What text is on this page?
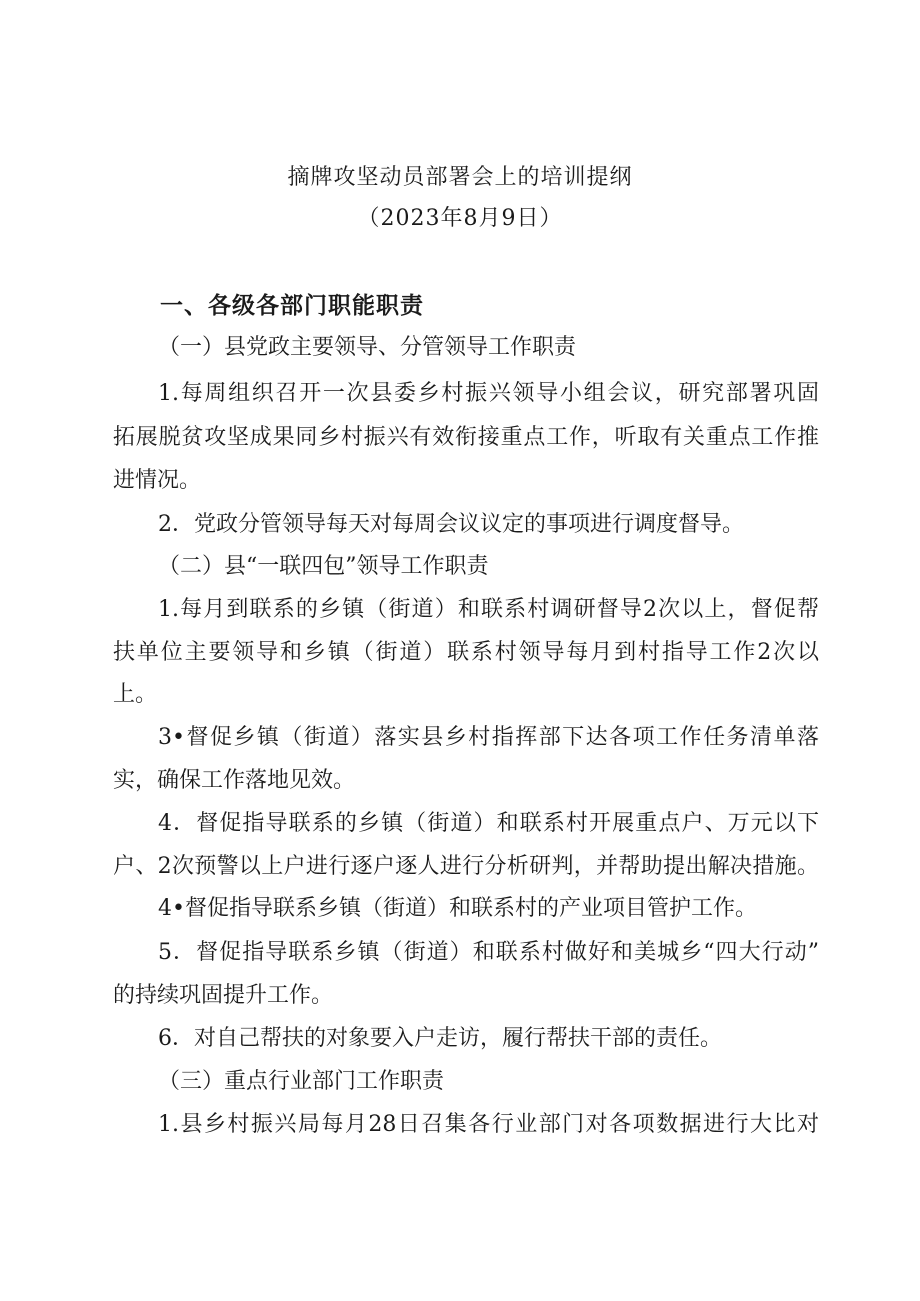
摘牌攻坚动员部署会上的培训提纲
（2023年8月9日）
一、各级各部门职能职责
（一）县党政主要领导、分管领导工作职责
1.每周组织召开一次县委乡村振兴领导小组会议，研究部署巩固
拓展脱贫攻坚成果同乡村振兴有效衔接重点工作，听取有关重点工作推
进情况。
2．党政分管领导每天对每周会议议定的事项进行调度督导。
（二）县“一联四包”领导工作职责
1.每月到联系的乡镇（街道）和联系村调研督导2次以上，督促帮
扶单位主要领导和乡镇（街道）联系村领导每月到村指导工作2次以
上。
3•督促乡镇（街道）落实县乡村指挥部下达各项工作任务清单落
实，确保工作落地见效。
4．督促指导联系的乡镇（街道）和联系村开展重点户、万元以下
户、2次预警以上户进行逐户逐人进行分析研判，并帮助提出解决措施。
4•督促指导联系乡镇（街道）和联系村的产业项目管护工作。
5．督促指导联系乡镇（街道）和联系村做好和美城乡“四大行动”
的持续巩固提升工作。
6．对自己帮扶的对象要入户走访，履行帮扶干部的责任。
（三）重点行业部门工作职责
1.县乡村振兴局每月28日召集各行业部门对各项数据进行大比对
